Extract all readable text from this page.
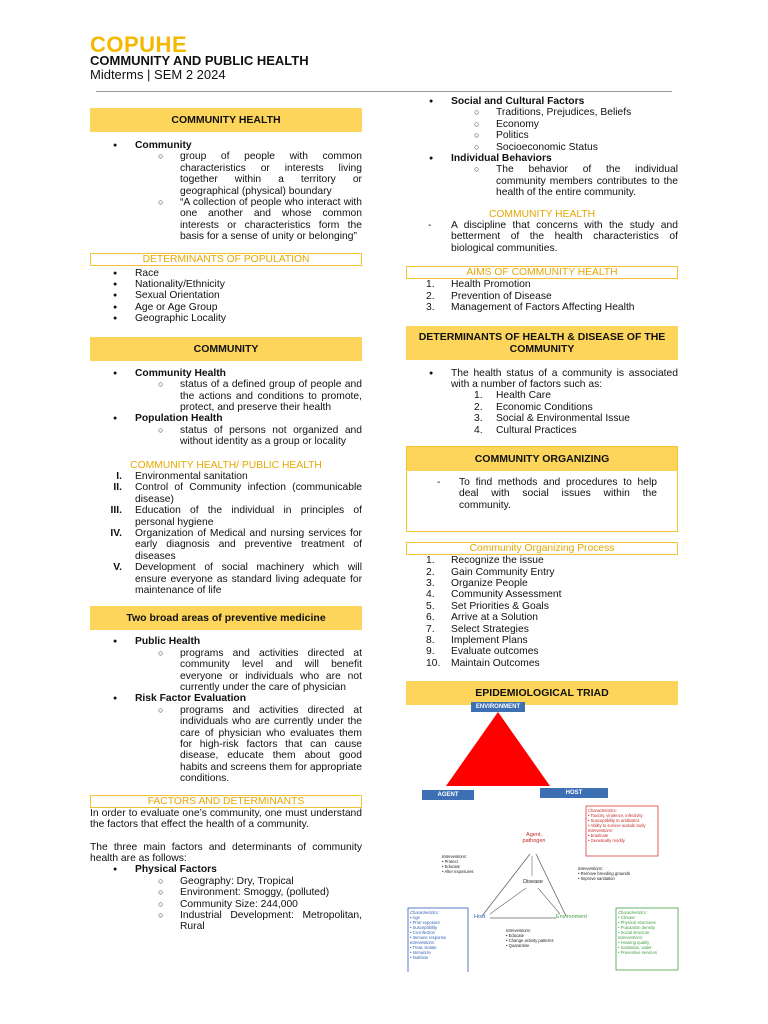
COPUHE
COMMUNITY AND PUBLIC HEALTH
Midterms | SEM 2 2024
COMMUNITY HEALTH
● Community
○ group of people with common characteristics or interests living together within a territory or geographical (physical) boundary
○ “A collection of people who interact with one another and whose common interests or characteristics form the basis for a sense of unity or belonging”
DETERMINANTS OF POPULATION
● Race
● Nationality/Ethnicity
● Sexual Orientation
● Age or Age Group
● Geographic Locality
COMMUNITY
● Community Health
○ status of a defined group of people and the actions and conditions to promote, protect, and preserve their health
● Population Health
○ status of persons not organized and without identity as a group or locality
COMMUNITY HEALTH/ PUBLIC HEALTH
I. Environmental sanitation
II. Control of Community infection (communicable disease)
III. Education of the individual in principles of personal hygiene
IV. Organization of Medical and nursing services for early diagnosis and preventive treatment of diseases
V. Development of social machinery which will ensure everyone as standard living adequate for maintenance of life
Two broad areas of preventive medicine
● Public Health
○ programs and activities directed at community level and will benefit everyone or individuals who are not currently under the care of physician
● Risk Factor Evaluation
○ programs and activities directed at individuals who are currently under the care of physician who evaluates them for high-risk factors that can cause disease, educate them about good habits and screens them for appropriate conditions.
FACTORS AND DETERMINANTS
In order to evaluate one’s community, one must understand the factors that effect the health of a community.
The three main factors and determinants of community health are as follows:
● Physical Factors
○ Geography: Dry, Tropical
○ Environment: Smoggy, (polluted)
○ Community Size: 244,000
○ Industrial Development: Metropolitan, Rural
● Social and Cultural Factors
○ Traditions, Prejudices, Beliefs
○ Economy
○ Politics
○ Socioeconomic Status
● Individual Behaviors
○ The behavior of the individual community members contributes to the health of the entire community.
COMMUNITY HEALTH
- A discipline that concerns with the study and betterment of the health characteristics of biological communities.
AIMS OF COMMUNITY HEALTH
1.	Health Promotion
2.	Prevention of Disease
3.	Management of Factors Affecting Health
DETERMINANTS OF HEALTH & DISEASE OF THE COMMUNITY
● The health status of a community is associated with a number of factors such as:
1. Health Care
2. Economic Conditions
3. Social & Environmental Issue
4. Cultural Practices
COMMUNITY ORGANIZING
- To find methods and procedures to help deal with social issues within the community.
Community Organizing Process
1.	Recognize the issue
2.	Gain Community Entry
3.	Organize People
4.	Community Assessment
5.	Set Priorities & Goals
6.	Arrive at a Solution
7.	Select Strategies
8.	Implement Plans
9.	Evaluate outcomes
10.	Maintain Outcomes
EPIDEMIOLOGICAL TRIAD
ENVIRONMENT
AGENT	HOST
Agent, pathogen
Disease
Host	Environment
Characteristics:
• Toxicity, virulence, infectivity
• Susceptibility to antibiotics
• Ability to survive outside body
Interventions:
• Eradicate
• Genetically modify
Interventions:
• Protect
• Educate
• Alter exposures
Interventions:
• Remove breeding grounds
• Improve sanitation
Characteristics:
• Age
• Prior exposure
• Susceptibility
• Co-infection
• Immune response
Interventions:
• Treat, isolate
• Immunize
• Nutrition
Interventions:
• Educate
• Change activity patterns
• Quarantine
Characteristics:
• Climate
• Physical structures
• Population density
• Social structure
Interventions:
• Housing quality
• Sanitation, water
• Preventive services
